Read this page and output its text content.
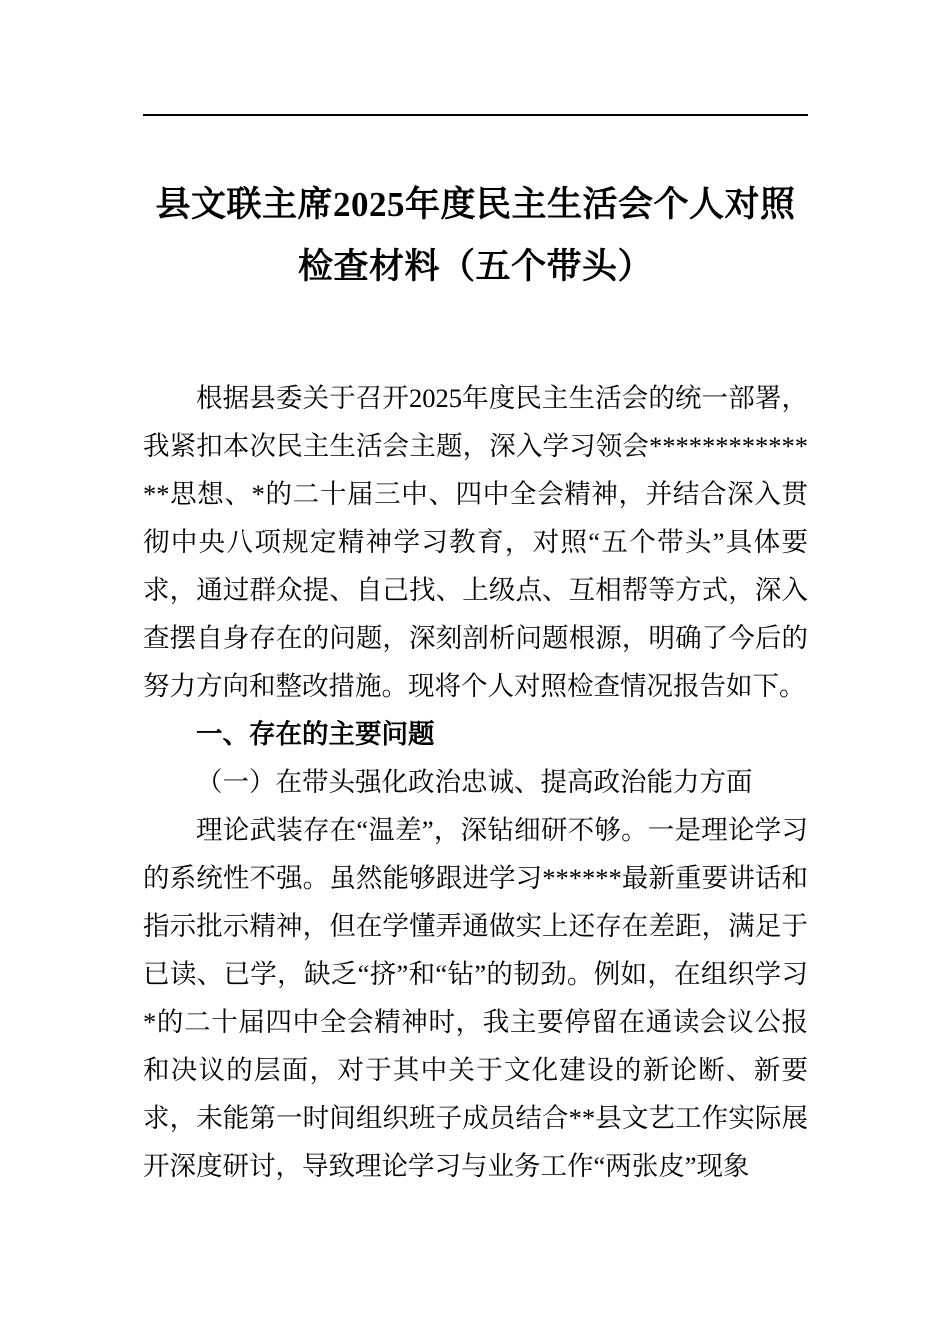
县文联主席2025年度民主生活会个人对照
检查材料（五个带头）

根据县委关于召开2025年度民主生活会的统一部署，我紧扣本次民主生活会主题，深入学习领会**************思想、*的二十届三中、四中全会精神，并结合深入贯彻中央八项规定精神学习教育，对照“五个带头”具体要求，通过群众提、自己找、上级点、互相帮等方式，深入查摆自身存在的问题，深刻剖析问题根源，明确了今后的努力方向和整改措施。现将个人对照检查情况报告如下。

一、存在的主要问题
（一）在带头强化政治忠诚、提高政治能力方面

理论武装存在“温差”，深钻细研不够。一是理论学习的系统性不强。虽然能够跟进学习******最新重要讲话和指示批示精神，但在学懂弄通做实上还存在差距，满足于已读、已学，缺乏“挤”和“钻”的韧劲。例如，在组织学习*的二十届四中全会精神时，我主要停留在通读会议公报和决议的层面，对于其中关于文化建设的新论断、新要求，未能第一时间组织班子成员结合**县文艺工作实际展开深度研讨，导致理论学习与业务工作“两张皮”现象
